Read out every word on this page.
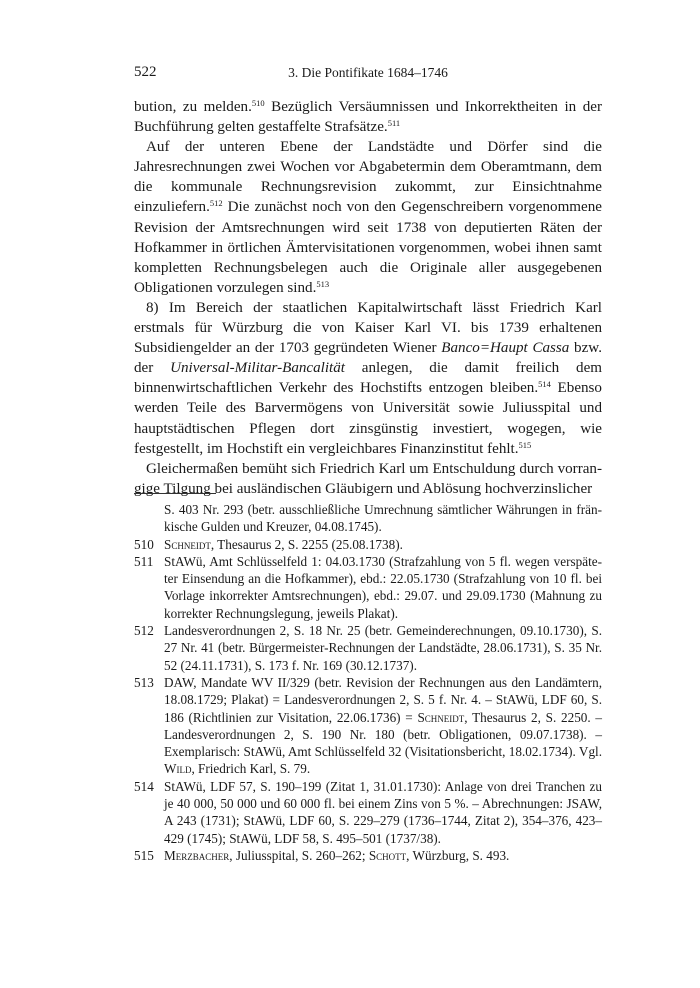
522	3. Die Pontifikate 1684–1746

bution, zu melden.$^{510}$ Bezüglich Versäumnissen und Inkorrektheiten in der Buchführung gelten gestaffelte Strafsätze.$^{511}$

Auf der unteren Ebene der Landstädte und Dörfer sind die Jahresrechnungen zwei Wochen vor Abgabetermin dem Oberamtmann, dem die kommunale Rechnungsrevision zukommt, zur Einsichtnahme einzuliefern.$^{512}$ Die zunächst noch von den Gegenschreibern vorgenommene Revision der Amtsrechnungen wird seit 1738 von deputierten Räten der Hofkammer in örtlichen Ämtervisitationen vorgenommen, wobei ihnen samt kompletten Rechnungsbelegen auch die Originale aller ausgegebenen Obligationen vorzulegen sind.$^{513}$

8) Im Bereich der staatlichen Kapitalwirtschaft lässt Friedrich Karl erstmals für Würzburg die von Kaiser Karl VI. bis 1739 erhaltenen Subsidiengelder an der 1703 gegründeten Wiener Banco=Haupt Cassa bzw. der Universal-Militar-Bancalität anlegen, die damit freilich dem binnenwirtschaftlichen Verkehr des Hochstifts entzogen bleiben.$^{514}$ Ebenso werden Teile des Barvermögens von Universität sowie Juliusspital und hauptstädtischen Pflegen dort zinsgünstig investiert, wogegen, wie festgestellt, im Hochstift ein vergleichbares Finanzinstitut fehlt.$^{515}$

Gleichermaßen bemüht sich Friedrich Karl um Entschuldung durch vorrangige Tilgung bei ausländischen Gläubigern und Ablösung hochverzinslicher

S. 403 Nr. 293 (betr. ausschließliche Umrechnung sämtlicher Währungen in fränkische Gulden und Kreuzer, 04.08.1745).
510 Schneidt, Thesaurus 2, S. 2255 (25.08.1738).
511 StAWü, Amt Schlüsselfeld 1: 04.03.1730 (Strafzahlung von 5 fl. wegen verspäteter Einsendung an die Hofkammer), ebd.: 22.05.1730 (Strafzahlung von 10 fl. bei Vorlage inkorrekter Amtsrechnungen), ebd.: 29.07. und 29.09.1730 (Mahnung zu korrekter Rechnungslegung, jeweils Plakat).
512 Landesverordnungen 2, S. 18 Nr. 25 (betr. Gemeinderechnungen, 09.10.1730), S. 27 Nr. 41 (betr. Bürgermeister-Rechnungen der Landstädte, 28.06.1731), S. 35 Nr. 52 (24.11.1731), S. 173 f. Nr. 169 (30.12.1737).
513 DAW, Mandate WV II/329 (betr. Revision der Rechnungen aus den Landämtern, 18.08.1729; Plakat) = Landesverordnungen 2, S. 5 f. Nr. 4. – StAWü, LDF 60, S. 186 (Richtlinien zur Visitation, 22.06.1736) = Schneidt, Thesaurus 2, S. 2250. – Landesverordnungen 2, S. 190 Nr. 180 (betr. Obligationen, 09.07.1738). – Exemplarisch: StAWü, Amt Schlüsselfeld 32 (Visitationsbericht, 18.02.1734). Vgl. Wild, Friedrich Karl, S. 79.
514 StAWü, LDF 57, S. 190–199 (Zitat 1, 31.01.1730): Anlage von drei Tranchen zu je 40 000, 50 000 und 60 000 fl. bei einem Zins von 5 %. – Abrechnungen: JSAW, A 243 (1731); StAWü, LDF 60, S. 229–279 (1736–1744, Zitat 2), 354–376, 423–429 (1745); StAWü, LDF 58, S. 495–501 (1737/38).
515 Merzbacher, Juliusspital, S. 260–262; Schott, Würzburg, S. 493.
